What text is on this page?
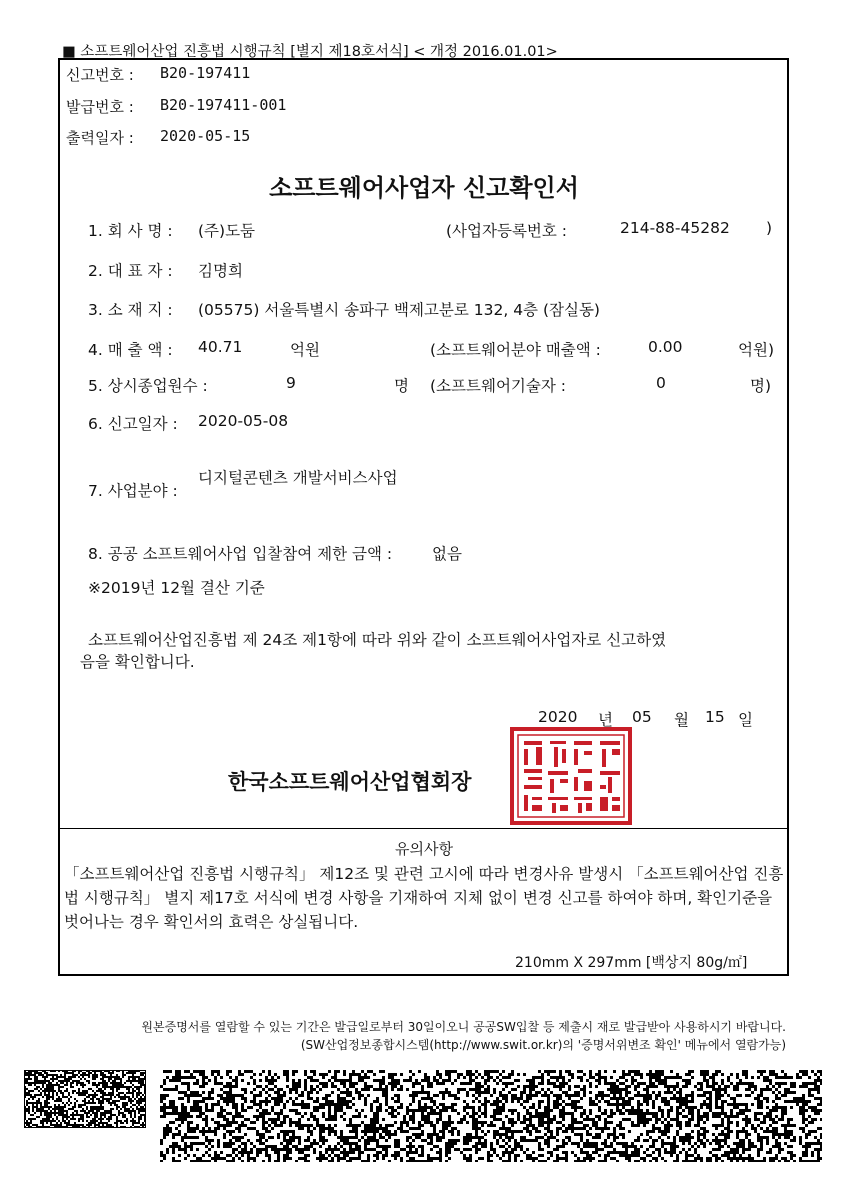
■ 소프트웨어산업 진흥법 시행규칙 [별지 제18호서식] < 개정 2016.01.01>
신고번호 : B20-197411
발급번호 : B20-197411-001
출력일자 : 2020-05-15
소프트웨어사업자 신고확인서
1. 회 사 명 : (주)도둠	(사업자등록번호 :	214-88-45282 )
2. 대 표 자 : 김명희
3. 소 재 지 : (05575) 서울특별시 송파구 백제고분로 132, 4층 (잠실동)
4. 매 출 액 : 40.71	억원	(소프트웨어분야 매출액 :	0.00	억원)
5. 상시종업원수 :	9	명 (소프트웨어기술자 :	0	명)
6. 신고일자 : 2020-05-08
7. 사업분야 :
디지털콘텐츠 개발서비스사업
8. 공공 소프트웨어사업 입찰참여 제한 금액 :	없음
※2019년 12월 결산 기준
소프트웨어산업진흥법 제 24조 제1항에 따라 위와 같이 소프트웨어사업자로 신고하였
음을 확인합니다.
2020 년 05 월 15 일
한국소프트웨어산업협회장
유의사항
「소프트웨어산업 진흥법 시행규칙」 제12조 및 관련 고시에 따라 변경사유 발생시 「소프트웨어산업 진흥법 시행규칙」 별지 제17호 서식에 변경 사항을 기재하여 지체 없이 변경 신고를 하여야 하며, 확인기준을 벗어나는 경우 확인서의 효력은 상실됩니다.
210mm X 297mm [백상지 80g/㎡]
원본증명서를 열람할 수 있는 기간은 발급일로부터 30일이오니 공공SW입찰 등 제출시 재로 발급받아 사용하시기 바랍니다.
(SW산업정보종합시스템(http://www.swit.or.kr)의 '증명서위변조 확인' 메뉴에서 열람가능)
